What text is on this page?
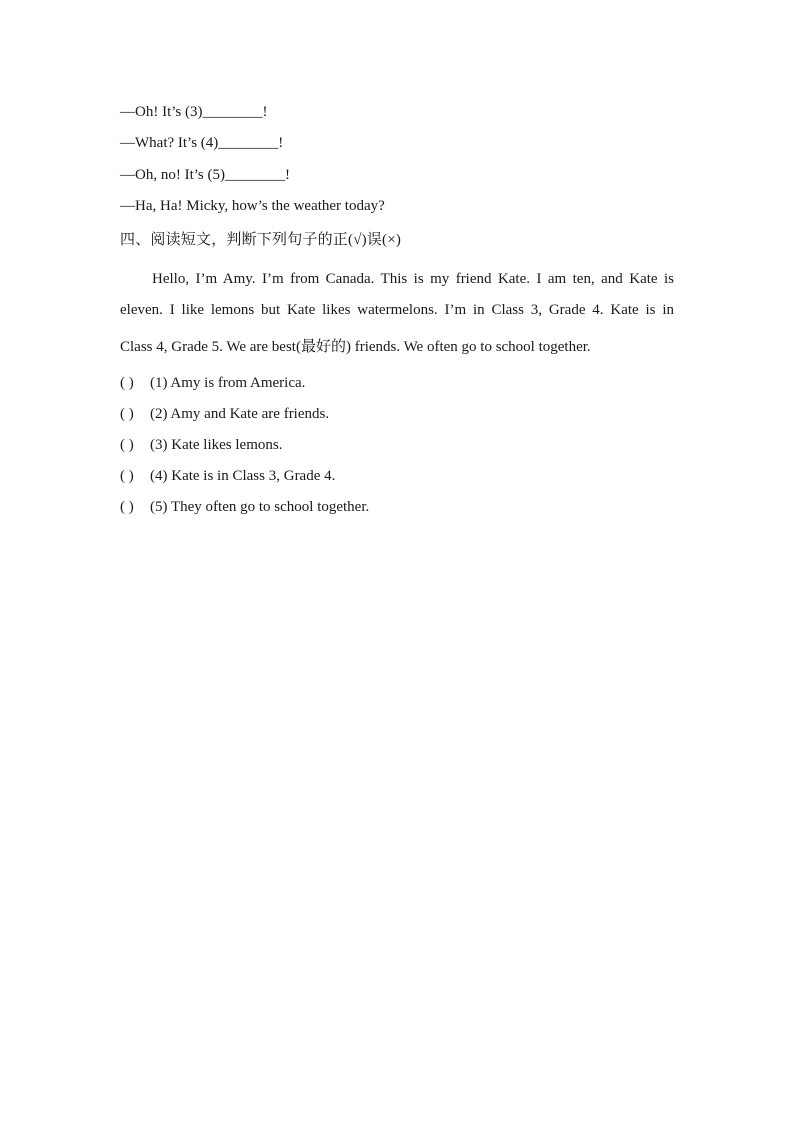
—Oh! It’s (3)________!
—What? It’s (4)________!
—Oh, no! It’s (5)________!
—Ha, Ha! Micky, how’s the weather today?
四、阅读短文，判断下列句子的正(√)误(×)
Hello, I’m Amy. I’m from Canada. This is my friend Kate. I am ten, and Kate is
eleven. I like lemons but Kate likes watermelons. I’m in Class 3, Grade 4. Kate is in
Class 4, Grade 5. We are best(最好的) friends. We often go to school together.
( ) (1) Amy is from America.
( ) (2) Amy and Kate are friends.
( ) (3) Kate likes lemons.
( ) (4) Kate is in Class 3, Grade 4.
( ) (5) They often go to school together.
